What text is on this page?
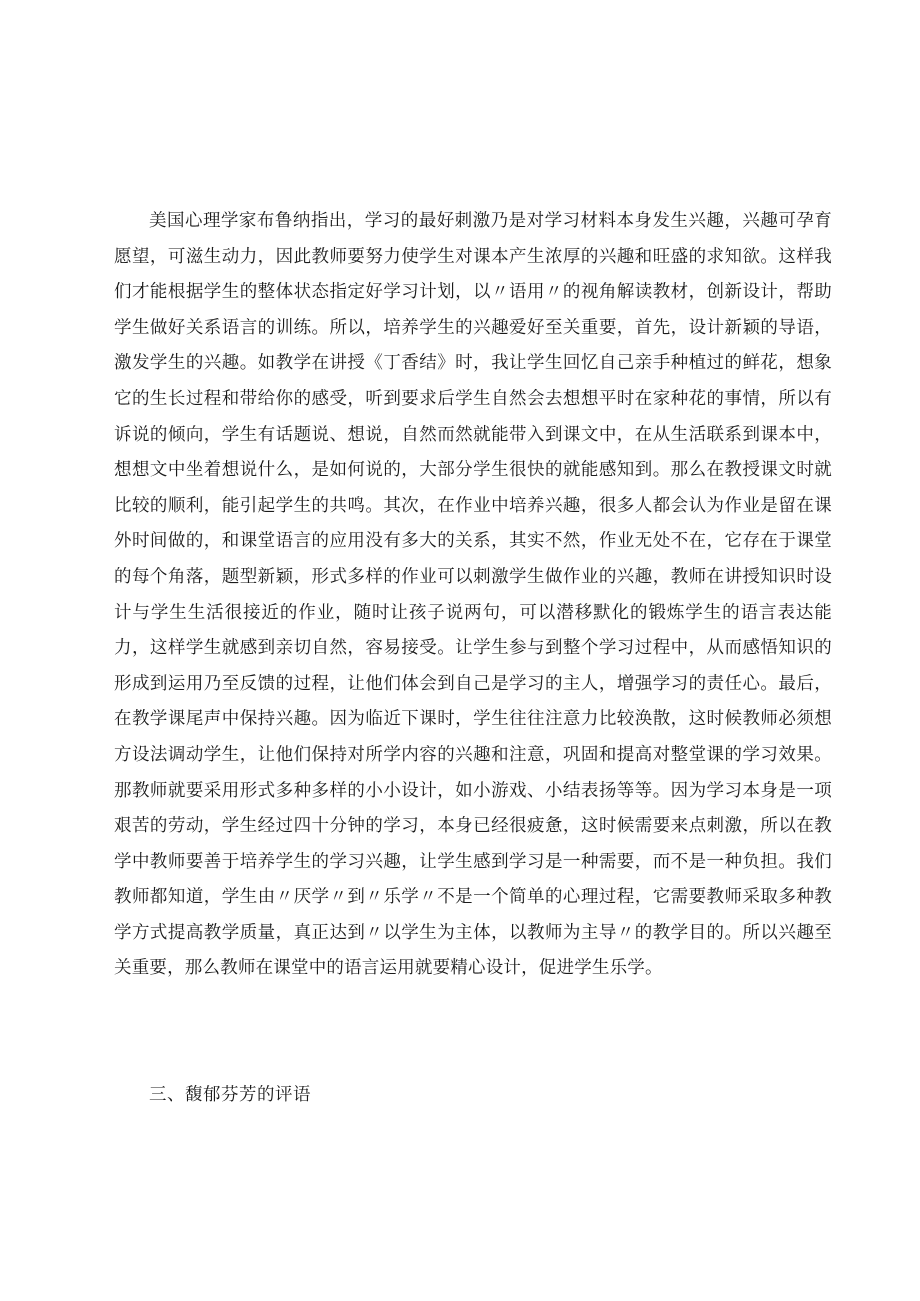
美国心理学家布鲁纳指出，学习的最好刺激乃是对学习材料本身发生兴趣，兴趣可孕育愿望，可滋生动力，因此教师要努力使学生对课本产生浓厚的兴趣和旺盛的求知欲。这样我们才能根据学生的整体状态指定好学习计划，以〃语用〃的视角解读教材，创新设计，帮助学生做好关系语言的训练。所以，培养学生的兴趣爱好至关重要，首先，设计新颖的导语，激发学生的兴趣。如教学在讲授《丁香结》时，我让学生回忆自己亲手种植过的鲜花，想象它的生长过程和带给你的感受，听到要求后学生自然会去想想平时在家种花的事情，所以有诉说的倾向，学生有话题说、想说，自然而然就能带入到课文中，在从生活联系到课本中，想想文中坐着想说什么，是如何说的，大部分学生很快的就能感知到。那么在教授课文时就比较的顺利，能引起学生的共鸣。其次，在作业中培养兴趣，很多人都会认为作业是留在课外时间做的，和课堂语言的应用没有多大的关系，其实不然，作业无处不在，它存在于课堂的每个角落，题型新颖，形式多样的作业可以刺激学生做作业的兴趣，教师在讲授知识时设计与学生生活很接近的作业，随时让孩子说两句，可以潜移默化的锻炼学生的语言表达能力，这样学生就感到亲切自然，容易接受。让学生参与到整个学习过程中，从而感悟知识的形成到运用乃至反馈的过程，让他们体会到自己是学习的主人，增强学习的责任心。最后，在教学课尾声中保持兴趣。因为临近下课时，学生往往注意力比较涣散，这时候教师必须想方设法调动学生，让他们保持对所学内容的兴趣和注意，巩固和提高对整堂课的学习效果。那教师就要采用形式多种多样的小小设计，如小游戏、小结表扬等等。因为学习本身是一项艰苦的劳动，学生经过四十分钟的学习，本身已经很疲惫，这时候需要来点刺激，所以在教学中教师要善于培养学生的学习兴趣，让学生感到学习是一种需要，而不是一种负担。我们教师都知道，学生由〃厌学〃到〃乐学〃不是一个简单的心理过程，它需要教师采取多种教学方式提高教学质量，真正达到〃以学生为主体，以教师为主导〃的教学目的。所以兴趣至关重要，那么教师在课堂中的语言运用就要精心设计，促进学生乐学。

三、馥郁芬芳的评语
